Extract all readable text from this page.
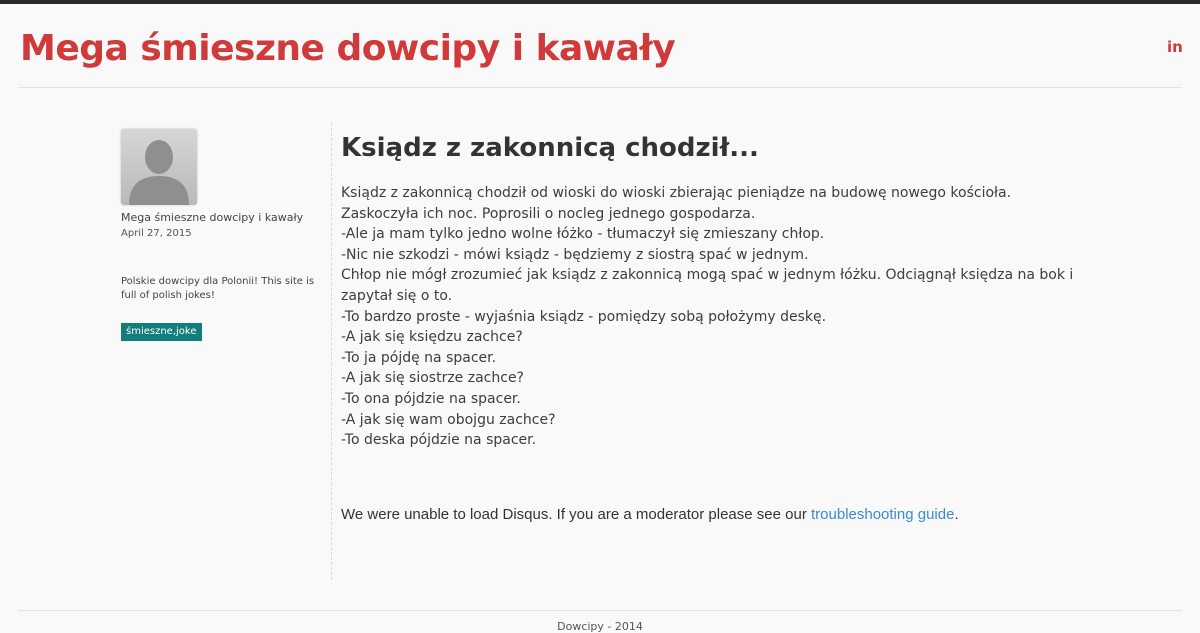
Mega śmieszne dowcipy i kawały	in
Mega śmieszne dowcipy i kawały
April 27, 2015
Polskie dowcipy dla Polonii! This site is full of polish jokes!
śmieszne,joke
Ksiądz z zakonnicą chodził...
Ksiądz z zakonnicą chodził od wioski do wioski zbierając pieniądze na budowę nowego kościoła.
Zaskoczyła ich noc. Poprosili o nocleg jednego gospodarza.
-Ale ja mam tylko jedno wolne łóżko - tłumaczył się zmieszany chłop.
-Nic nie szkodzi - mówi ksiądz - będziemy z siostrą spać w jednym.
Chłop nie mógł zrozumieć jak ksiądz z zakonnicą mogą spać w jednym łóżku. Odciągnął księdza na bok i
zapytał się o to.
-To bardzo proste - wyjaśnia ksiądz - pomiędzy sobą położymy deskę.
-A jak się księdzu zachce?
-To ja pójdę na spacer.
-A jak się siostrze zachce?
-To ona pójdzie na spacer.
-A jak się wam obojgu zachce?
-To deska pójdzie na spacer.
We were unable to load Disqus. If you are a moderator please see our troubleshooting guide.
Dowcipy - 2014
